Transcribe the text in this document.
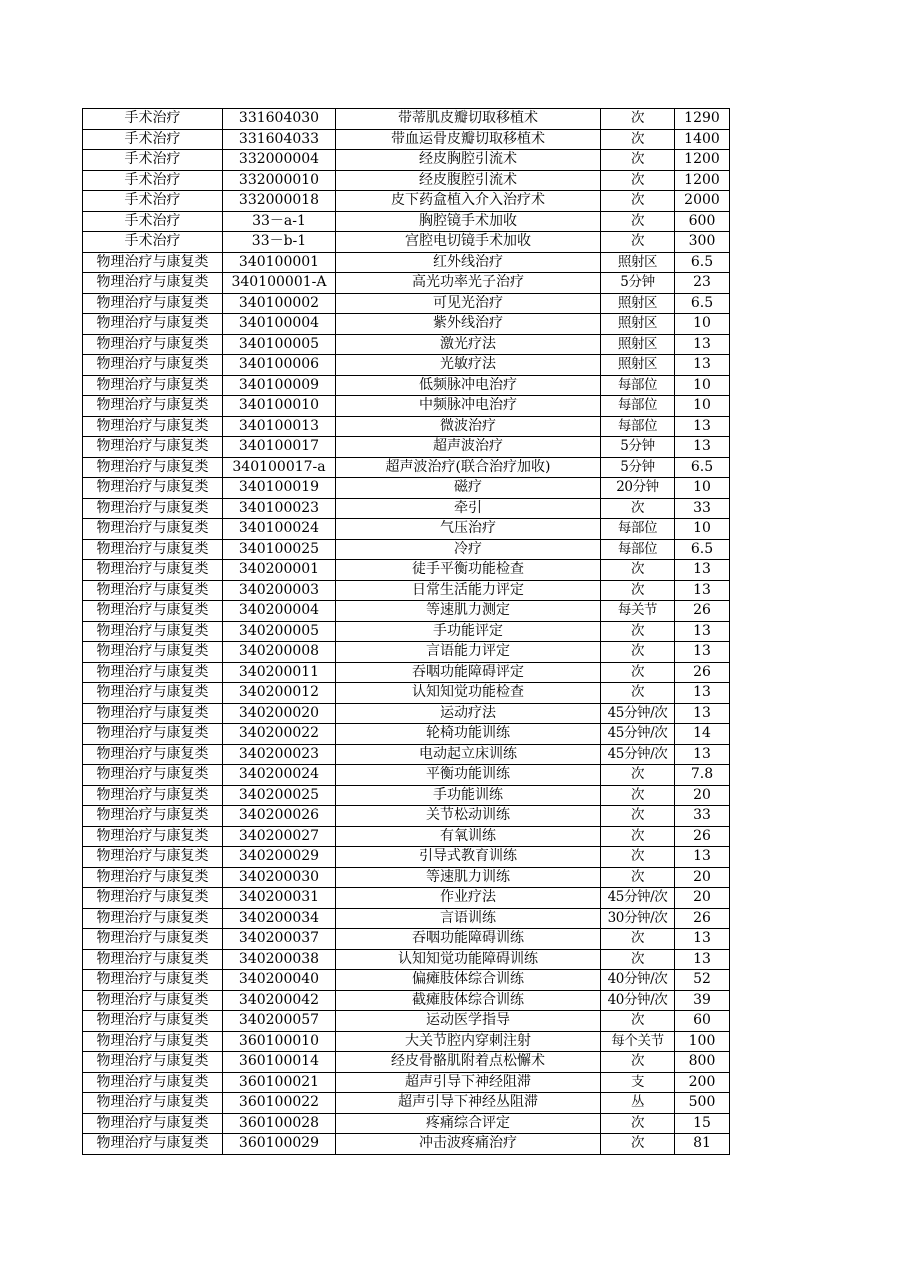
手术治疗	331604030	带蒂肌皮瓣切取移植术	次	1290
手术治疗	331604033	带血运骨皮瓣切取移植术	次	1400
手术治疗	332000004	经皮胸腔引流术	次	1200
手术治疗	332000010	经皮腹腔引流术	次	1200
手术治疗	332000018	皮下药盒植入介入治疗术	次	2000
手术治疗	33－a-1	胸腔镜手术加收	次	600
手术治疗	33－b-1	宫腔电切镜手术加收	次	300
物理治疗与康复类	340100001	红外线治疗	照射区	6.5
物理治疗与康复类	340100001-A	高光功率光子治疗	5分钟	23
物理治疗与康复类	340100002	可见光治疗	照射区	6.5
物理治疗与康复类	340100004	紫外线治疗	照射区	10
物理治疗与康复类	340100005	激光疗法	照射区	13
物理治疗与康复类	340100006	光敏疗法	照射区	13
物理治疗与康复类	340100009	低频脉冲电治疗	每部位	10
物理治疗与康复类	340100010	中频脉冲电治疗	每部位	10
物理治疗与康复类	340100013	微波治疗	每部位	13
物理治疗与康复类	340100017	超声波治疗	5分钟	13
物理治疗与康复类	340100017-a	超声波治疗(联合治疗加收)	5分钟	6.5
物理治疗与康复类	340100019	磁疗	20分钟	10
物理治疗与康复类	340100023	牵引	次	33
物理治疗与康复类	340100024	气压治疗	每部位	10
物理治疗与康复类	340100025	冷疗	每部位	6.5
物理治疗与康复类	340200001	徒手平衡功能检查	次	13
物理治疗与康复类	340200003	日常生活能力评定	次	13
物理治疗与康复类	340200004	等速肌力测定	每关节	26
物理治疗与康复类	340200005	手功能评定	次	13
物理治疗与康复类	340200008	言语能力评定	次	13
物理治疗与康复类	340200011	吞咽功能障碍评定	次	26
物理治疗与康复类	340200012	认知知觉功能检查	次	13
物理治疗与康复类	340200020	运动疗法	45分钟/次	13
物理治疗与康复类	340200022	轮椅功能训练	45分钟/次	14
物理治疗与康复类	340200023	电动起立床训练	45分钟/次	13
物理治疗与康复类	340200024	平衡功能训练	次	7.8
物理治疗与康复类	340200025	手功能训练	次	20
物理治疗与康复类	340200026	关节松动训练	次	33
物理治疗与康复类	340200027	有氧训练	次	26
物理治疗与康复类	340200029	引导式教育训练	次	13
物理治疗与康复类	340200030	等速肌力训练	次	20
物理治疗与康复类	340200031	作业疗法	45分钟/次	20
物理治疗与康复类	340200034	言语训练	30分钟/次	26
物理治疗与康复类	340200037	吞咽功能障碍训练	次	13
物理治疗与康复类	340200038	认知知觉功能障碍训练	次	13
物理治疗与康复类	340200040	偏瘫肢体综合训练	40分钟/次	52
物理治疗与康复类	340200042	截瘫肢体综合训练	40分钟/次	39
物理治疗与康复类	340200057	运动医学指导	次	60
物理治疗与康复类	360100010	大关节腔内穿刺注射	每个关节	100
物理治疗与康复类	360100014	经皮骨骼肌附着点松懈术	次	800
物理治疗与康复类	360100021	超声引导下神经阻滞	支	200
物理治疗与康复类	360100022	超声引导下神经丛阻滞	丛	500
物理治疗与康复类	360100028	疼痛综合评定	次	15
物理治疗与康复类	360100029	冲击波疼痛治疗	次	81
